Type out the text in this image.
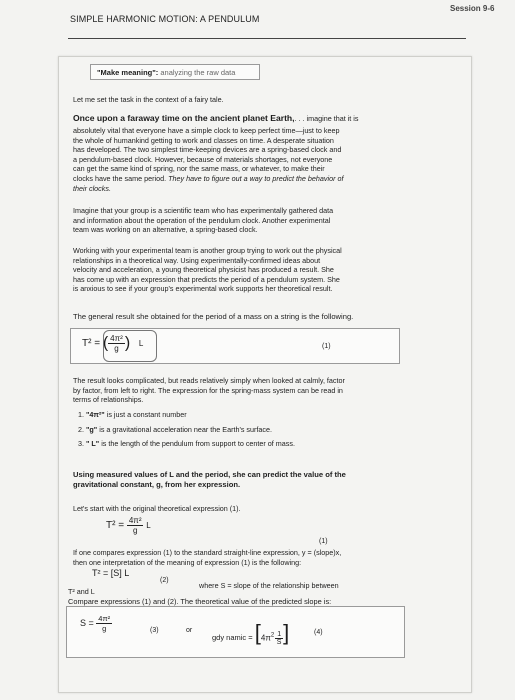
Session 9-6
SIMPLE HARMONIC MOTION: A PENDULUM
"Make meaning": analyzing the raw data
Let me set the task in the context of a fairy tale.
Once upon a faraway time on the ancient planet Earth,. . . imagine that it is
absolutely vital that everyone have a simple clock to keep perfect time—just to keep
the whole of humankind getting to work and classes on time. A desperate situation
has developed. The two simplest time-keeping devices are a spring-based clock and
a pendulum-based clock. However, because of materials shortages, not everyone
can get the same kind of spring, nor the same mass, or whatever, to make their
clocks have the same period. They have to figure out a way to predict the behavior of
their clocks.
Imagine that your group is a scientific team who has experimentally gathered data
and information about the operation of the pendulum clock. Another experimental
team was working on an alternative, a spring-based clock.
Working with your experimental team is another group trying to work out the physical
relationships in a theoretical way. Using experimentally-confirmed ideas about
velocity and acceleration, a young theoretical physicist has produced a result. She
has come up with an expression that predicts the period of a pendulum system. She
is anxious to see if your group's experimental work supports her theoretical result.
The general result she obtained for the period of a mass on a string is the following.
T² = ( $\frac{\text{4π²}}{g}$ ) L	(1)
The result looks complicated, but reads relatively simply when looked at calmly, factor
by factor, from left to right. The expression for the spring-mass system can be read in
terms of relationships.
1. "4π²" is just a constant number
2. "g" is a gravitational acceleration near the Earth's surface.
3. " L" is the length of the pendulum from support to center of mass.
Using measured values of L and the period, she can predict the value of the
gravitational constant, g, from her expression.
Let's start with the original theoretical expression (1).
$T^2 = \frac{\text{4π²}}{g}$ L
(1)
If one compares expression (1) to the standard straight-line expression, y = (slope)x,
then one interpretation of the meaning of expression (1) is the following:
T² = [S] L
(2)
where S = slope of the relationship between
T² and L
Compare expressions (1) and (2). The theoretical value of the predicted slope is:
$S = \frac{\text{4π²}}{g}$	(3)	or
gdy namic = [$4\pi^2 \frac{1}{S}$ ]	(4)
